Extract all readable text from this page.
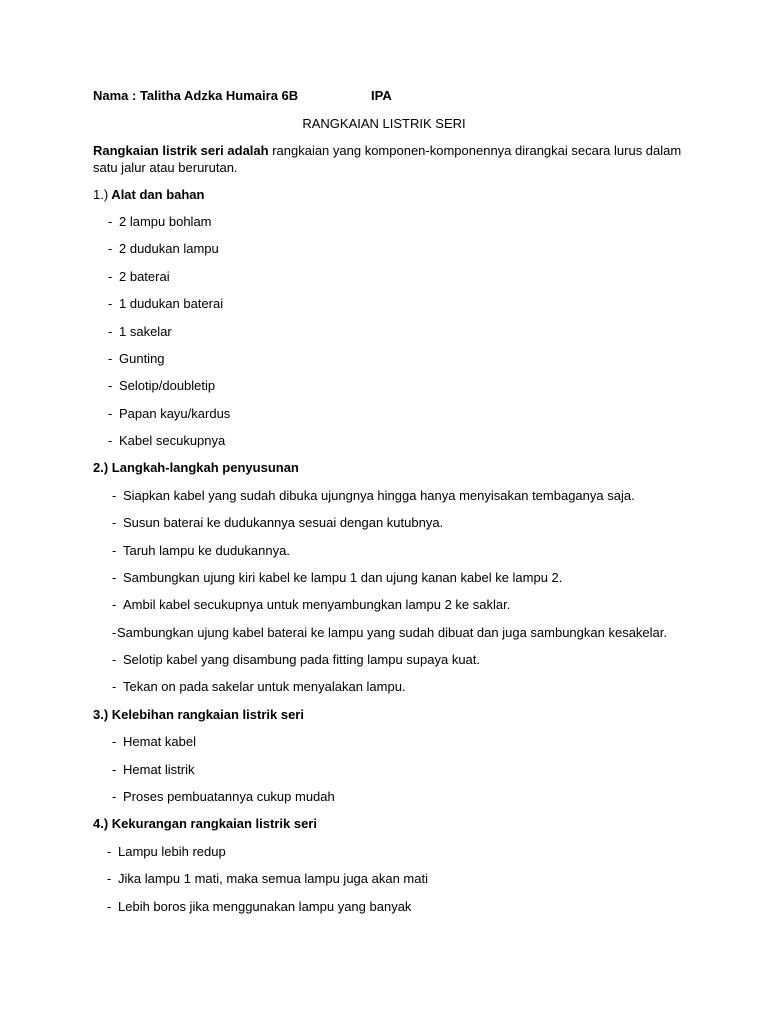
Nama : Talitha Adzka Humaira 6B	IPA
RANGKAIAN LISTRIK SERI
Rangkaian listrik seri adalah rangkaian yang komponen-komponennya dirangkai secara lurus dalam satu jalur atau berurutan.
1.) Alat dan bahan
- 2 lampu bohlam
- 2 dudukan lampu
- 2 baterai
- 1 dudukan baterai
- 1 sakelar
- Gunting
- Selotip/doubletip
- Papan kayu/kardus
- Kabel secukupnya
2.) Langkah-langkah penyusunan
- Siapkan kabel yang sudah dibuka ujungnya hingga hanya menyisakan tembaganya saja.
- Susun baterai ke dudukannya sesuai dengan kutubnya.
- Taruh lampu ke dudukannya.
- Sambungkan ujung kiri kabel ke lampu 1 dan ujung kanan kabel ke lampu 2.
- Ambil kabel secukupnya untuk menyambungkan lampu 2 ke saklar.
-Sambungkan ujung kabel baterai ke lampu yang sudah dibuat dan juga sambungkan kesakelar.
- Selotip kabel yang disambung pada fitting lampu supaya kuat.
- Tekan on pada sakelar untuk menyalakan lampu.
3.) Kelebihan rangkaian listrik seri
- Hemat kabel
- Hemat listrik
- Proses pembuatannya cukup mudah
4.) Kekurangan rangkaian listrik seri
- Lampu lebih redup
- Jika lampu 1 mati, maka semua lampu juga akan mati
- Lebih boros jika menggunakan lampu yang banyak
